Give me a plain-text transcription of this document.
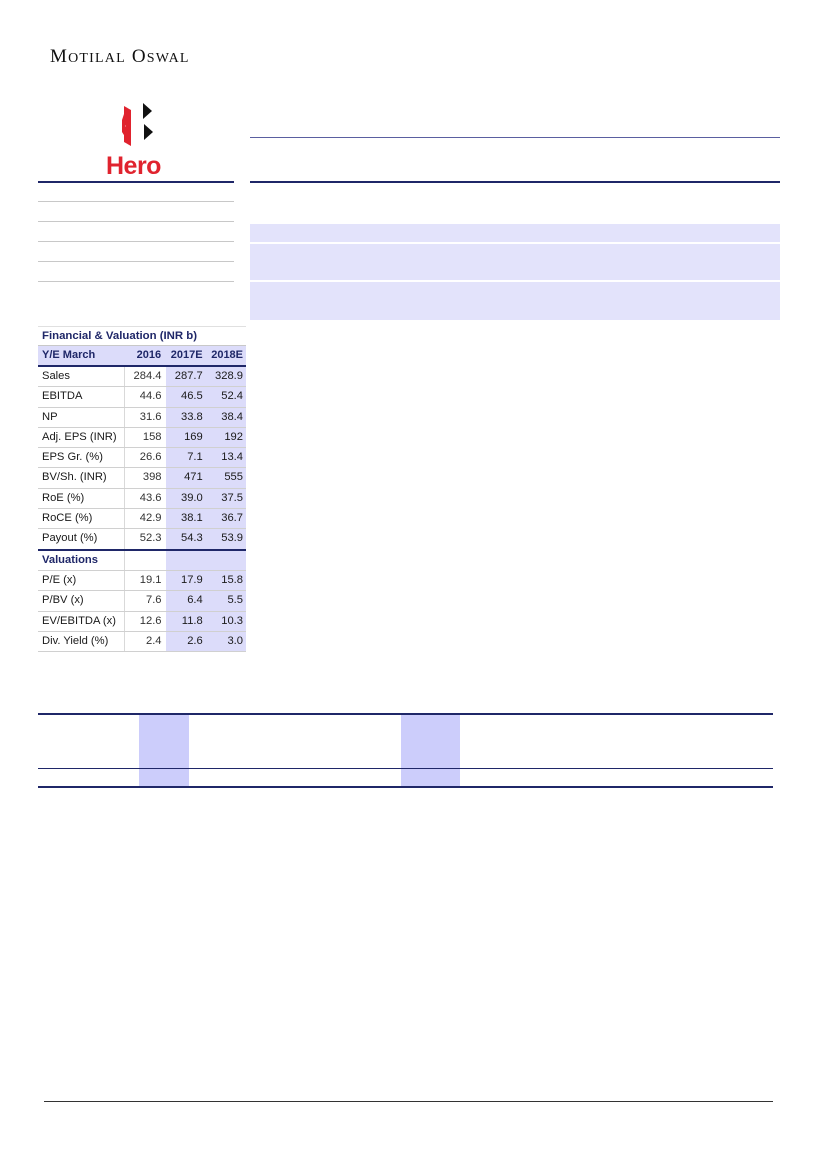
MOTILAL OSWAL
Hero
Financial & Valuation (INR b)
Y/E March	2016 2017E 2018E
Sales	284.4	287.7	328.9
EBITDA	44.6	46.5	52.4
NP	31.6	33.8	38.4
Adj. EPS (INR)	158	169	192
EPS Gr. (%)	26.6	7.1	13.4
BV/Sh. (INR)	398	471	555
RoE (%)	43.6	39.0	37.5
RoCE (%)	42.9	38.1	36.7
Payout (%)	52.3	54.3	53.9
Valuations
P/E (x)	19.1	17.9	15.8
P/BV (x)	7.6	6.4	5.5
EV/EBITDA (x)	12.6	11.8	10.3
Div. Yield (%)	2.4	2.6	3.0
